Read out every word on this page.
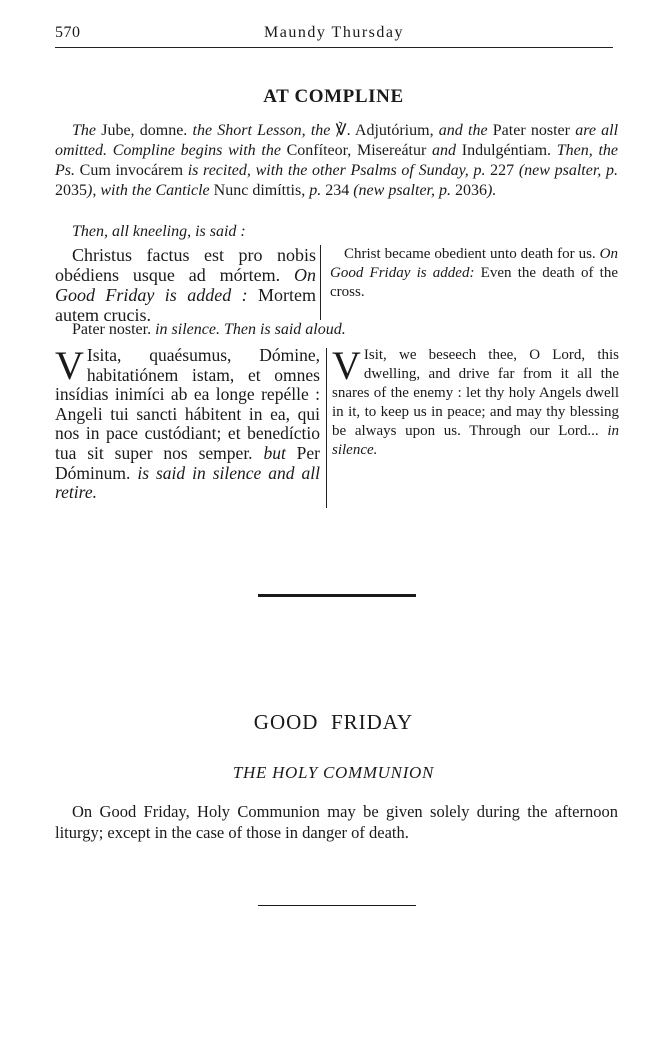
570	Maundy Thursday
AT COMPLINE

The Jube, domne. the Short Lesson, the ℣. Adjutórium, and the Pater noster are all omitted. Compline begins with the Confíteor, Misereátur and Indulgéntiam. Then, the Ps. Cum invocárem is recited, with the other Psalms of Sunday, p. 227 (new psalter, p. 2035), with the Canticle Nunc dimíttis, p. 234 (new psalter, p. 2036).

Then, all kneeling, is said :

Christus factus est pro nobis obédiens usque ad mórtem. On Good Friday is added : Mortem autem crucis.

Christ became obedient unto death for us. On Good Friday is added: Even the death of the cross.

Pater noster. in silence. Then is said aloud.

V Isita, quaésumus, Dómine, habitatiónem istam, et omnes insídias inimíci ab ea longe repélle : Angeli tui sancti hábitent in ea, qui nos in pace custódiant; et benedíctio tua sit super nos semper. but Per Dóminum. is said in silence and all retire.
V Isit, we beseech thee, O Lord, this dwelling, and drive far from it all the snares of the enemy : let thy holy Angels dwell in it, to keep us in peace; and may thy blessing be always upon us. Through our Lord... in silence.
GOOD  FRIDAY
THE HOLY COMMUNION

On Good Friday, Holy Communion may be given solely during the afternoon liturgy; except in the case of those in danger of death.
